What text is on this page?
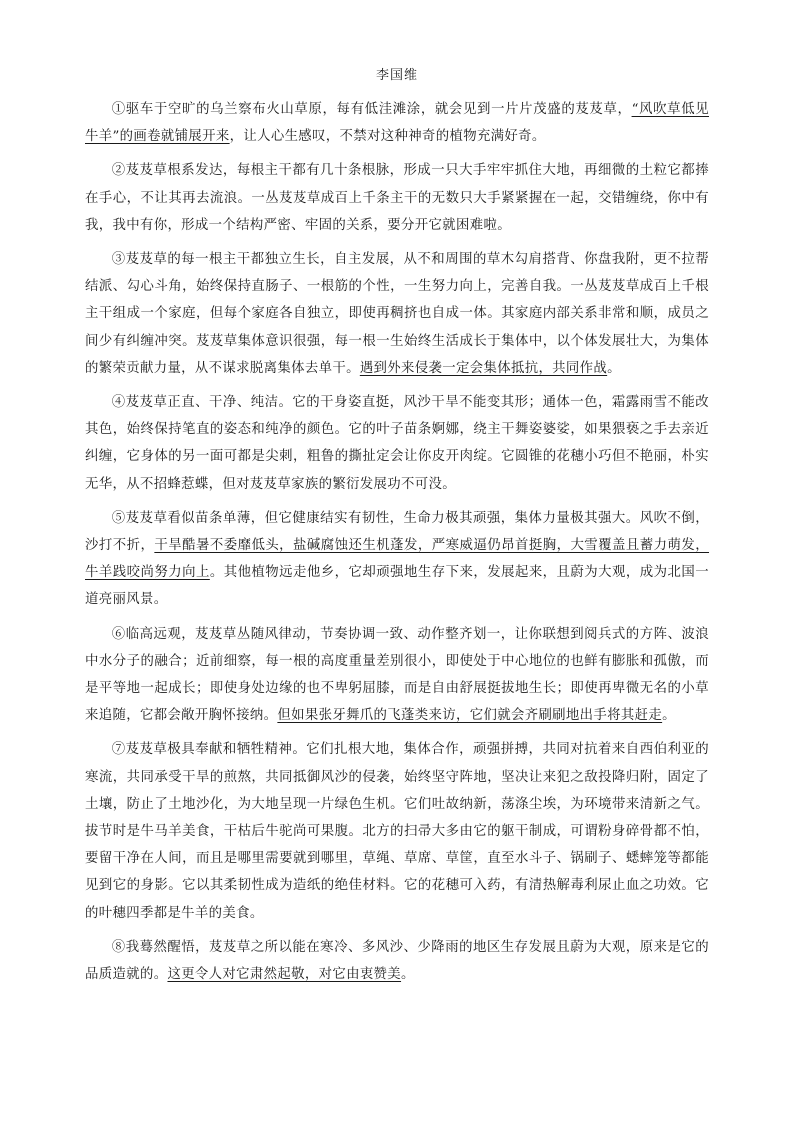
李国维

①驱车于空旷的乌兰察布火山草原，每有低洼滩涂，就会见到一片片茂盛的芨芨草，“风吹草低见牛羊”的画卷就铺展开来，让人心生感叹，不禁对这种神奇的植物充满好奇。

②芨芨草根系发达，每根主干都有几十条根脉，形成一只大手牢牢抓住大地，再细微的土粒它都捧在手心，不让其再去流浪。一丛芨芨草成百上千条主干的无数只大手紧紧握在一起，交错缠绕，你中有我，我中有你，形成一个结构严密、牢固的关系，要分开它就困难啦。

③芨芨草的每一根主干都独立生长，自主发展，从不和周围的草木勾肩搭背、你盘我附，更不拉帮结派、勾心斗角，始终保持直肠子、一根筋的个性，一生努力向上，完善自我。一丛芨芨草成百上千根主干组成一个家庭，但每个家庭各自独立，即使再稠挤也自成一体。其家庭内部关系非常和顺，成员之间少有纠缠冲突。芨芨草集体意识很强，每一根一生始终生活成长于集体中，以个体发展壮大，为集体的繁荣贡献力量，从不谋求脱离集体去单干。遇到外来侵袭一定会集体抵抗，共同作战。

④芨芨草正直、干净、纯洁。它的干身姿直挺，风沙干旱不能变其形；通体一色，霜露雨雪不能改其色，始终保持笔直的姿态和纯净的颜色。它的叶子苗条婀娜，绕主干舞姿婆娑，如果猥亵之手去亲近纠缠，它身体的另一面可都是尖刺，粗鲁的撕扯定会让你皮开肉绽。它圆锥的花穗小巧但不艳丽，朴实无华，从不招蜂惹蝶，但对芨芨草家族的繁衍发展功不可没。

⑤芨芨草看似苗条单薄，但它健康结实有韧性，生命力极其顽强，集体力量极其强大。风吹不倒，沙打不折，干旱酷暑不委靡低头，盐碱腐蚀还生机蓬发，严寒威逼仍昂首挺胸，大雪覆盖且蓄力萌发，牛羊践咬尚努力向上。其他植物远走他乡，它却顽强地生存下来，发展起来，且蔚为大观，成为北国一道亮丽风景。

⑥临高远观，芨芨草丛随风律动，节奏协调一致、动作整齐划一，让你联想到阅兵式的方阵、波浪中水分子的融合；近前细察，每一根的高度重量差别很小，即使处于中心地位的也鲜有膨胀和孤傲，而是平等地一起成长；即使身处边缘的也不卑躬屈膝，而是自由舒展挺拔地生长；即使再卑微无名的小草来追随，它都会敞开胸怀接纳。但如果张牙舞爪的飞蓬类来访，它们就会齐刷刷地出手将其赶走。

⑦芨芨草极具奉献和牺牲精神。它们扎根大地，集体合作，顽强拼搏，共同对抗着来自西伯利亚的寒流，共同承受干旱的煎熬，共同抵御风沙的侵袭，始终坚守阵地，坚决让来犯之敌投降归附，固定了土壤，防止了土地沙化，为大地呈现一片绿色生机。它们吐故纳新，荡涤尘埃，为环境带来清新之气。拔节时是牛马羊美食，干枯后牛驼尚可果腹。北方的扫帚大多由它的躯干制成，可谓粉身碎骨都不怕，要留干净在人间，而且是哪里需要就到哪里，草绳、草席、草筐，直至水斗子、锅刷子、蟋蟀笼等都能见到它的身影。它以其柔韧性成为造纸的绝佳材料。它的花穗可入药，有清热解毒利尿止血之功效。它的叶穗四季都是牛羊的美食。

⑧我蓦然醒悟，芨芨草之所以能在寒冷、多风沙、少降雨的地区生存发展且蔚为大观，原来是它的品质造就的。这更令人对它肃然起敬，对它由衷赞美。
